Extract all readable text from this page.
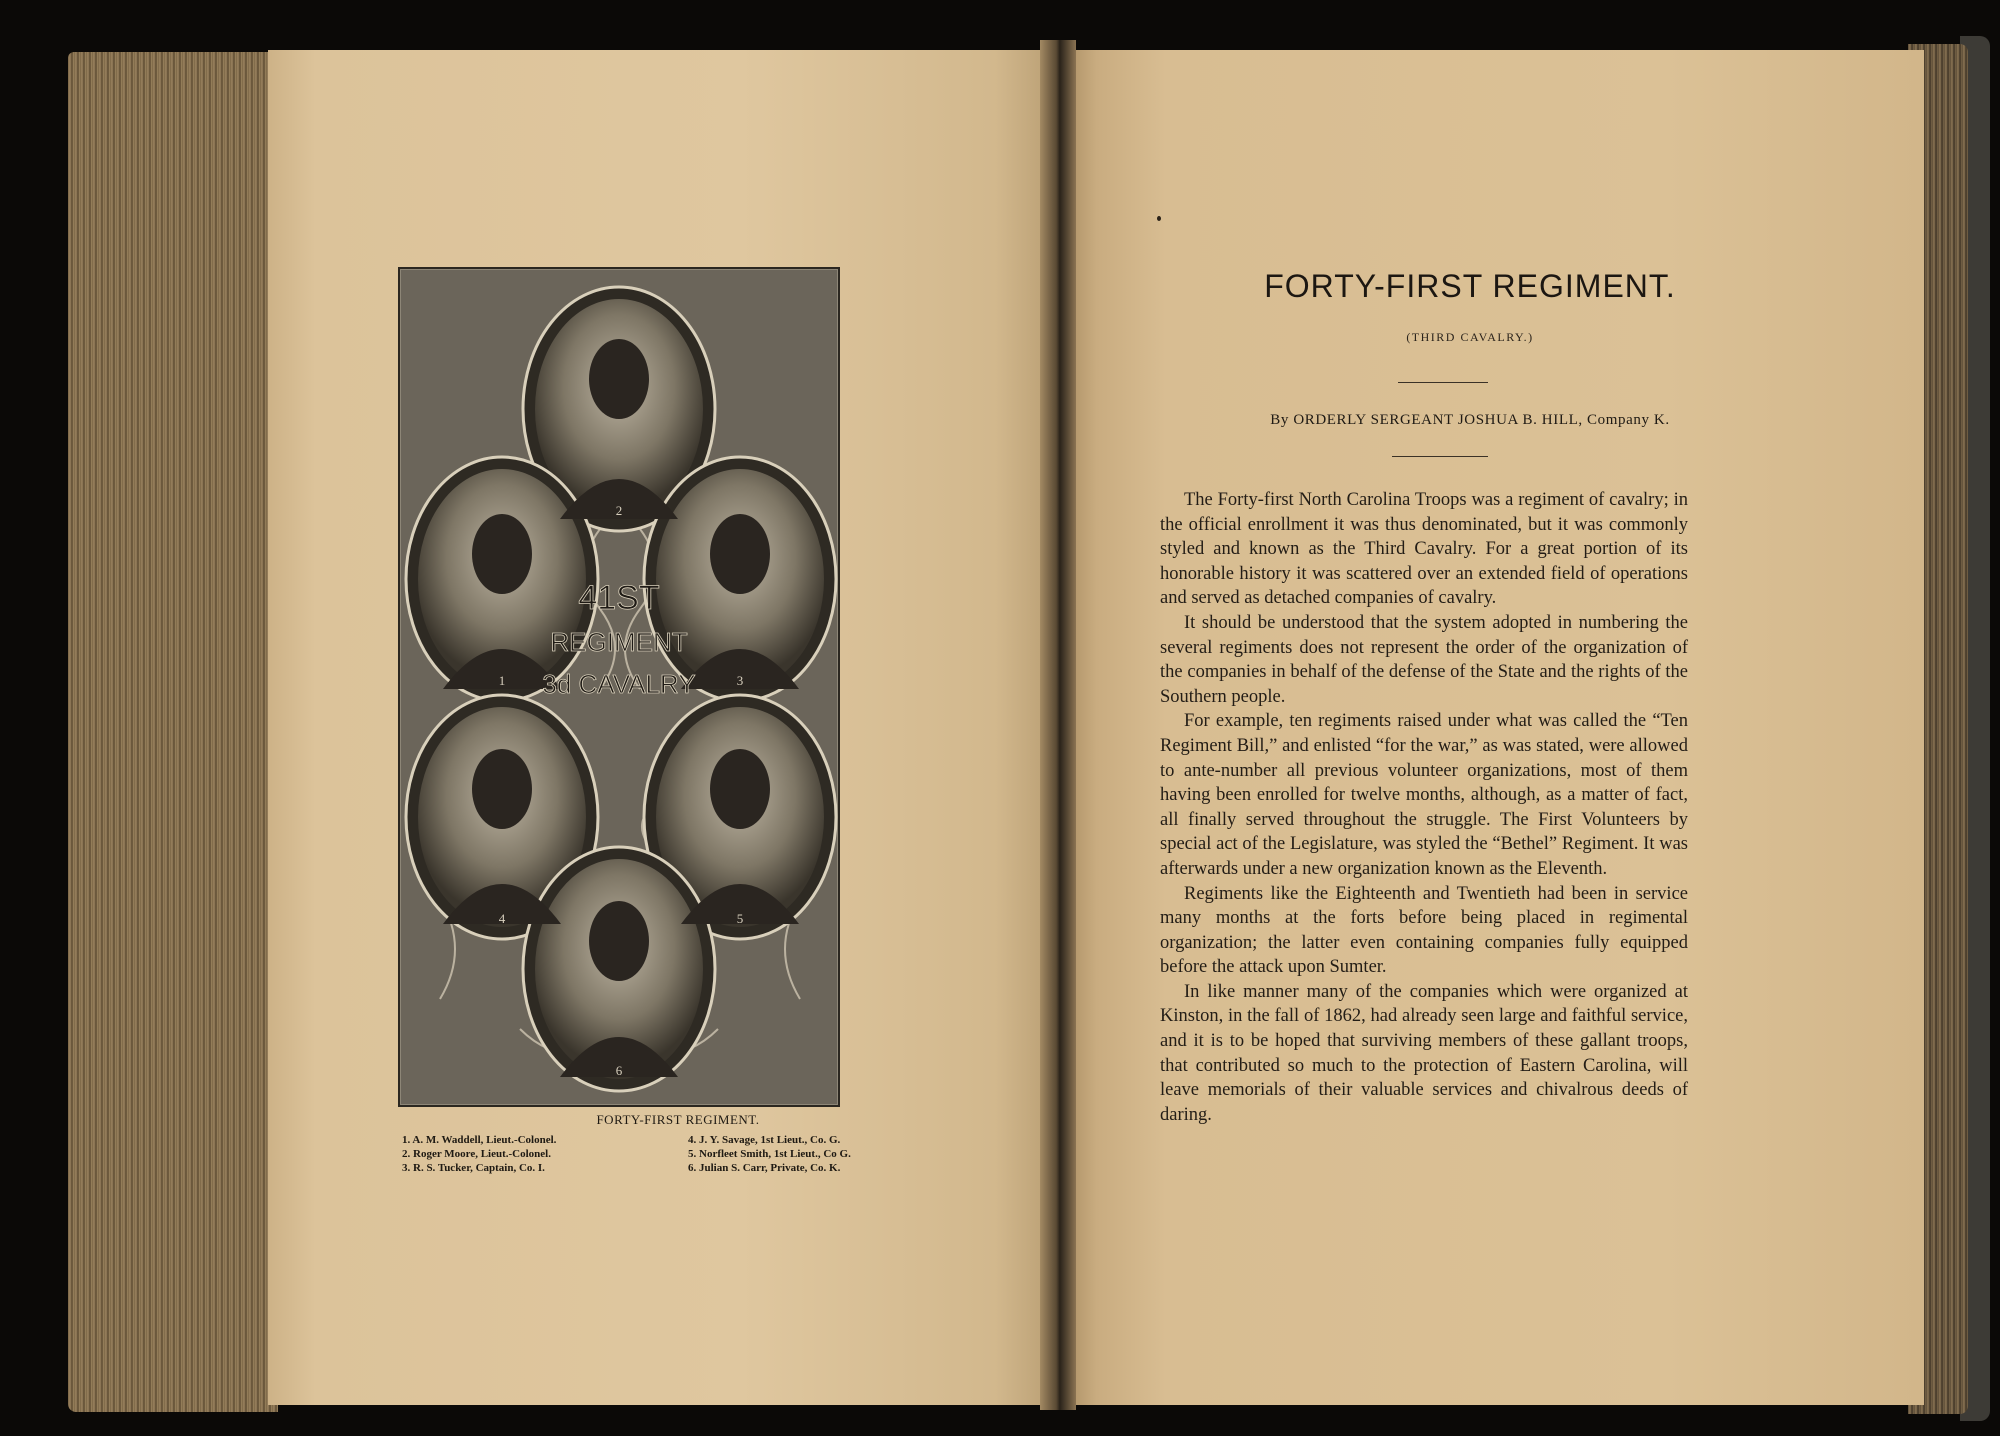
2
1	3
4	5
6
41ST
REGIMENT
3d CAVALRY
FORTY-FIRST REGIMENT.
1. A. M. Waddell, Lieut.-Colonel.
2. Roger Moore, Lieut.-Colonel.
3. R. S. Tucker, Captain, Co. I.
4. J. Y. Savage, 1st Lieut., Co. G.
5. Norfleet Smith, 1st Lieut., Co G.
6. Julian S. Carr, Private, Co. K.
FORTY-FIRST REGIMENT.
(THIRD CAVALRY.)
By ORDERLY SERGEANT JOSHUA B. HILL, Company K.

The Forty-first North Carolina Troops was a regiment of cavalry; in the official enrollment it was thus denominated, but it was commonly styled and known as the Third Cavalry. For a great portion of its honorable history it was scattered over an extended field of operations and served as detached companies of cavalry.

It should be understood that the system adopted in numbering the several regiments does not represent the order of the organization of the companies in behalf of the defense of the State and the rights of the Southern people.

For example, ten regiments raised under what was called the “Ten Regiment Bill,” and enlisted “for the war,” as was stated, were allowed to ante-number all previous volunteer organizations, most of them having been enrolled for twelve months, although, as a matter of fact, all finally served throughout the struggle. The First Volunteers by special act of the Legislature, was styled the “Bethel” Regiment. It was afterwards under a new organization known as the Eleventh.

Regiments like the Eighteenth and Twentieth had been in service many months at the forts before being placed in regimental organization; the latter even containing companies fully equipped before the attack upon Sumter.

In like manner many of the companies which were organized at Kinston, in the fall of 1862, had already seen large and faithful service, and it is to be hoped that surviving members of these gallant troops, that contributed so much to the protection of Eastern Carolina, will leave memorials of their valuable services and chivalrous deeds of daring.
